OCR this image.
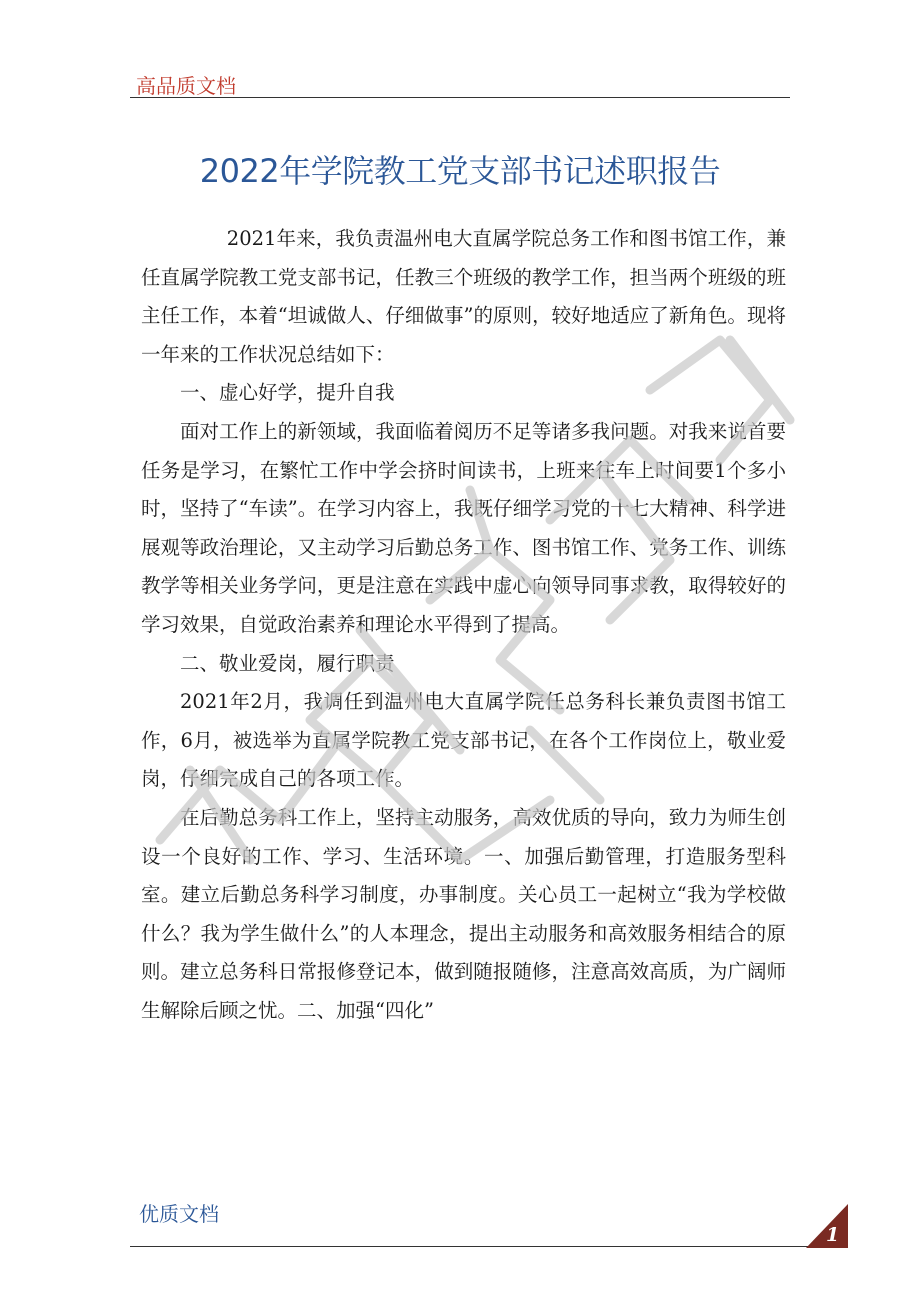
高品质文档
2022年学院教工党支部书记述职报告

2021年来，我负责温州电大直属学院总务工作和图书馆工作，兼任直属学院教工党支部书记，任教三个班级的教学工作，担当两个班级的班主任工作，本着“坦诚做人、仔细做事”的原则，较好地适应了新角色。现将一年来的工作状况总结如下：

一、虚心好学，提升自我

面对工作上的新领域，我面临着阅历不足等诸多我问题。对我来说首要任务是学习，在繁忙工作中学会挤时间读书，上班来往车上时间要1个多小时，坚持了“车读”。在学习内容上，我既仔细学习党的十七大精神、科学进展观等政治理论，又主动学习后勤总务工作、图书馆工作、党务工作、训练教学等相关业务学问，更是注意在实践中虚心向领导同事求教，取得较好的学习效果，自觉政治素养和理论水平得到了提高。

二、敬业爱岗，履行职责

2021年2月，我调任到温州电大直属学院任总务科长兼负责图书馆工作，6月，被选举为直属学院教工党支部书记，在各个工作岗位上，敬业爱岗，仔细完成自己的各项工作。

在后勤总务科工作上，坚持主动服务，高效优质的导向，致力为师生创设一个良好的工作、学习、生活环境。一、加强后勤管理，打造服务型科室。建立后勤总务科学习制度，办事制度。关心员工一起树立“我为学校做什么？我为学生做什么”的人本理念，提出主动服务和高效服务相结合的原则。建立总务科日常报修登记本，做到随报随修，注意高效高质，为广阔师生解除后顾之忧。二、加强“四化”

优质文档
1
